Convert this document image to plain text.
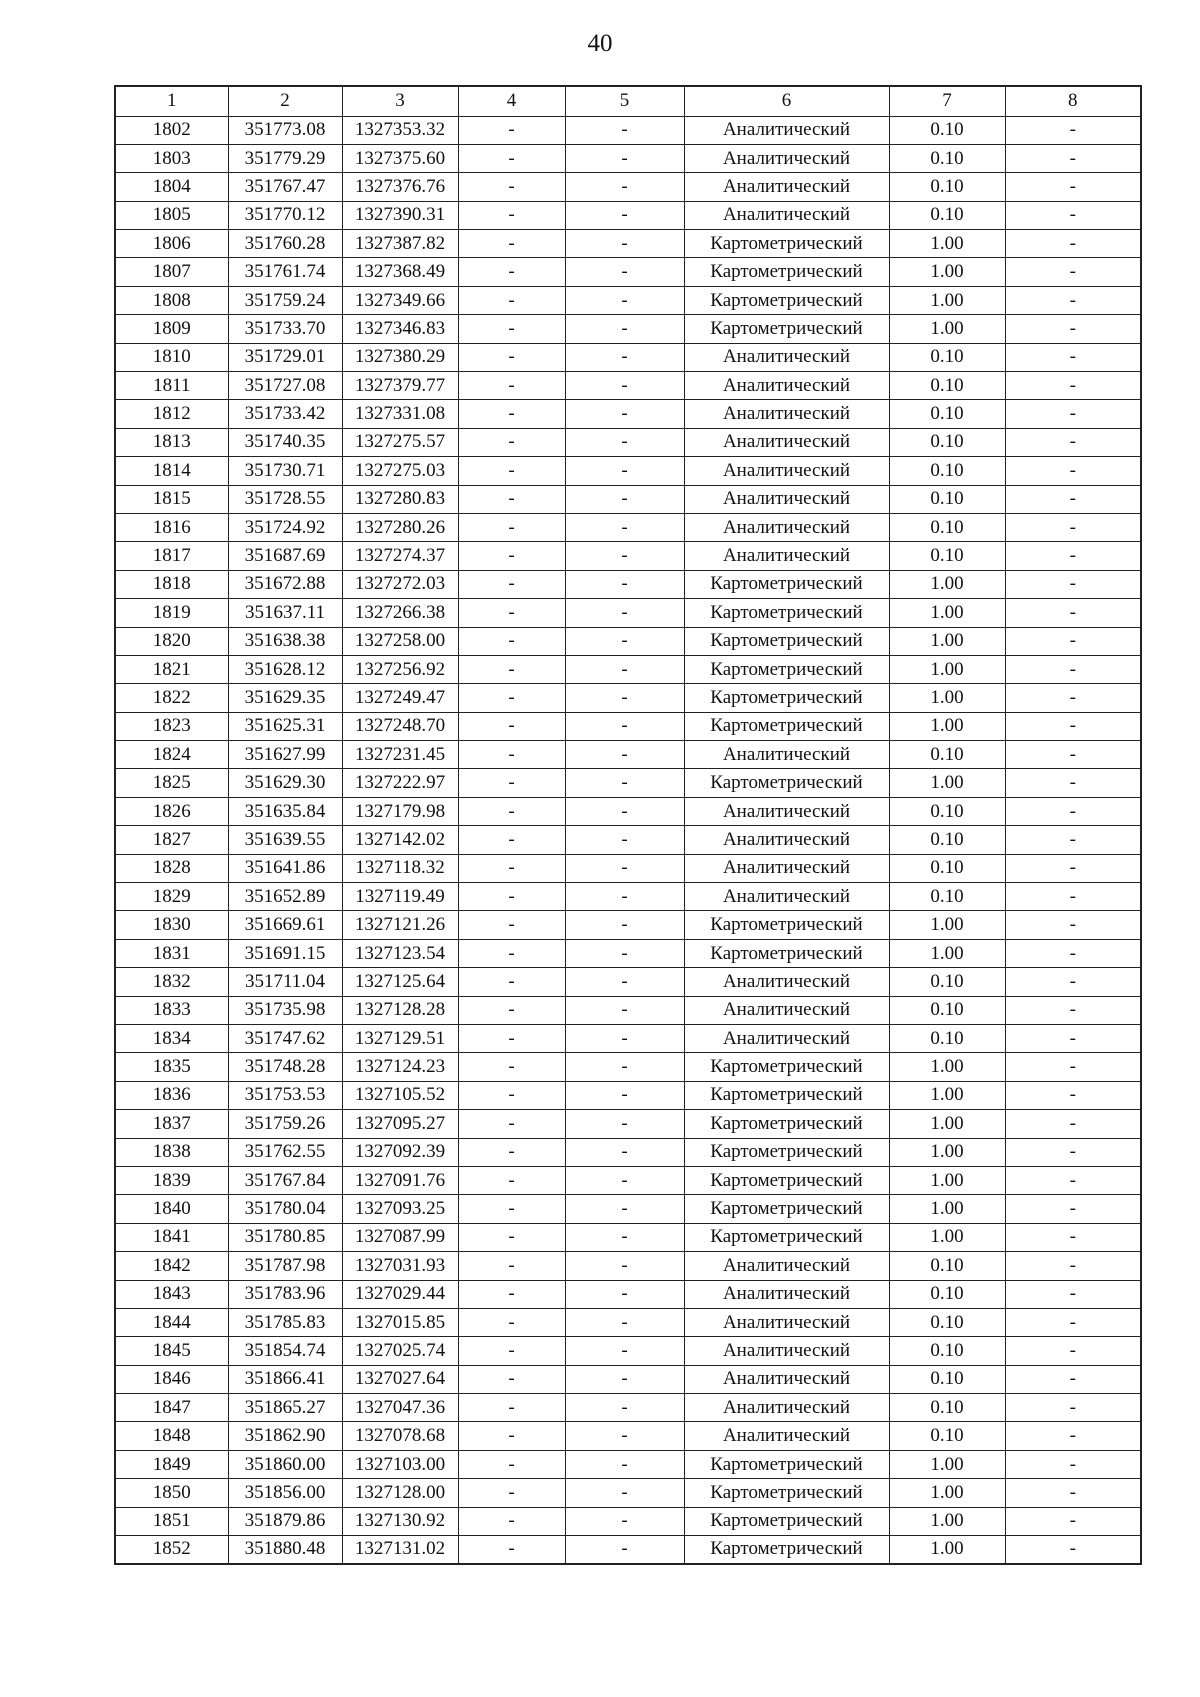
40
1	2	3	4	5	6	7	8
1802	351773.08	1327353.32	-	-	Аналитический	0.10	-
1803	351779.29	1327375.60	-	-	Аналитический	0.10	-
1804	351767.47	1327376.76	-	-	Аналитический	0.10	-
1805	351770.12	1327390.31	-	-	Аналитический	0.10	-
1806	351760.28	1327387.82	-	-	Картометрический	1.00	-
1807	351761.74	1327368.49	-	-	Картометрический	1.00	-
1808	351759.24	1327349.66	-	-	Картометрический	1.00	-
1809	351733.70	1327346.83	-	-	Картометрический	1.00	-
1810	351729.01	1327380.29	-	-	Аналитический	0.10	-
1811	351727.08	1327379.77	-	-	Аналитический	0.10	-
1812	351733.42	1327331.08	-	-	Аналитический	0.10	-
1813	351740.35	1327275.57	-	-	Аналитический	0.10	-
1814	351730.71	1327275.03	-	-	Аналитический	0.10	-
1815	351728.55	1327280.83	-	-	Аналитический	0.10	-
1816	351724.92	1327280.26	-	-	Аналитический	0.10	-
1817	351687.69	1327274.37	-	-	Аналитический	0.10	-
1818	351672.88	1327272.03	-	-	Картометрический	1.00	-
1819	351637.11	1327266.38	-	-	Картометрический	1.00	-
1820	351638.38	1327258.00	-	-	Картометрический	1.00	-
1821	351628.12	1327256.92	-	-	Картометрический	1.00	-
1822	351629.35	1327249.47	-	-	Картометрический	1.00	-
1823	351625.31	1327248.70	-	-	Картометрический	1.00	-
1824	351627.99	1327231.45	-	-	Аналитический	0.10	-
1825	351629.30	1327222.97	-	-	Картометрический	1.00	-
1826	351635.84	1327179.98	-	-	Аналитический	0.10	-
1827	351639.55	1327142.02	-	-	Аналитический	0.10	-
1828	351641.86	1327118.32	-	-	Аналитический	0.10	-
1829	351652.89	1327119.49	-	-	Аналитический	0.10	-
1830	351669.61	1327121.26	-	-	Картометрический	1.00	-
1831	351691.15	1327123.54	-	-	Картометрический	1.00	-
1832	351711.04	1327125.64	-	-	Аналитический	0.10	-
1833	351735.98	1327128.28	-	-	Аналитический	0.10	-
1834	351747.62	1327129.51	-	-	Аналитический	0.10	-
1835	351748.28	1327124.23	-	-	Картометрический	1.00	-
1836	351753.53	1327105.52	-	-	Картометрический	1.00	-
1837	351759.26	1327095.27	-	-	Картометрический	1.00	-
1838	351762.55	1327092.39	-	-	Картометрический	1.00	-
1839	351767.84	1327091.76	-	-	Картометрический	1.00	-
1840	351780.04	1327093.25	-	-	Картометрический	1.00	-
1841	351780.85	1327087.99	-	-	Картометрический	1.00	-
1842	351787.98	1327031.93	-	-	Аналитический	0.10	-
1843	351783.96	1327029.44	-	-	Аналитический	0.10	-
1844	351785.83	1327015.85	-	-	Аналитический	0.10	-
1845	351854.74	1327025.74	-	-	Аналитический	0.10	-
1846	351866.41	1327027.64	-	-	Аналитический	0.10	-
1847	351865.27	1327047.36	-	-	Аналитический	0.10	-
1848	351862.90	1327078.68	-	-	Аналитический	0.10	-
1849	351860.00	1327103.00	-	-	Картометрический	1.00	-
1850	351856.00	1327128.00	-	-	Картометрический	1.00	-
1851	351879.86	1327130.92	-	-	Картометрический	1.00	-
1852	351880.48	1327131.02	-	-	Картометрический	1.00	-
